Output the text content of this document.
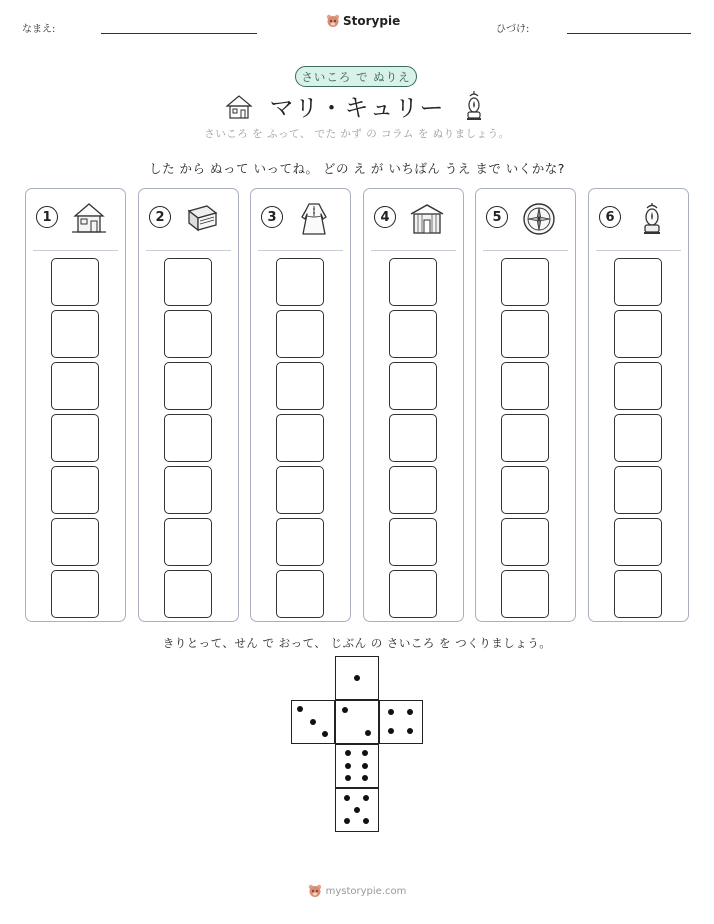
なまえ:
Storypie
ひづけ:
さいころ で ぬりえ
マリ・キュリー
さいころ を ふって、 でた かず の コラム を ぬりましょう。
した から ぬって いってね。 どの え が いちばん うえ まで いくかな?
1	2	3	4	5	6
きりとって、せん で おって、 じぶん の さいころ を つくりましょう。
mystorypie.com
